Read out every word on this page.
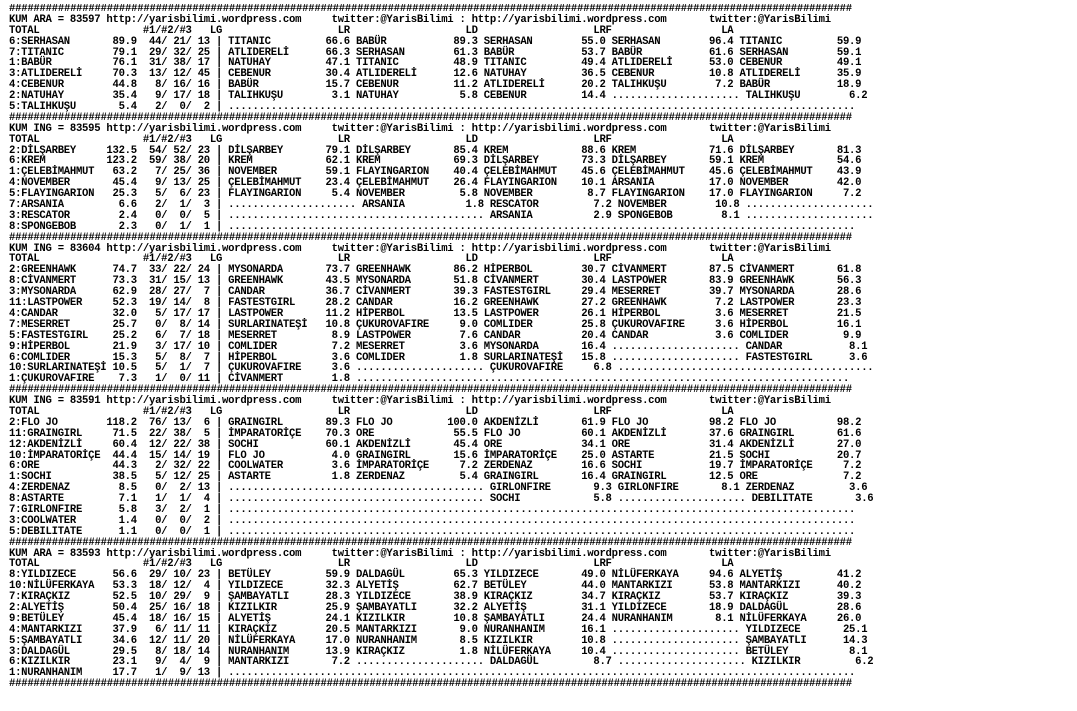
##########################################################################################################################################
KUM ARA = 83597 http://yarisbilimi.wordpress.com     twitter:@YarisBilimi : http://yarisbilimi.wordpress.com       twitter:@YarisBilimi
TOTAL                 #1/#2/#3   LG                   LR                   LD                   LRF                  LA
6:SERHASAN       89.9  44/ 21/ 13 | TITANIC         66.6 BABÜR           89.3 SERHASAN        55.0 SERHASAN        96.4 TITANIC         59.9
7:TITANIC        79.1  29/ 32/ 25 | ATLIDERELİ      66.3 SERHASAN        61.3 BABÜR           53.7 BABÜR           61.6 SERHASAN        59.1
1:BABÜR          76.1  31/ 38/ 17 | NATUHAY         47.1 TITANIC         48.9 TITANIC         49.4 ATLIDERELİ      53.0 CEBENUR         49.1
3:ATLIDERELİ     70.3  13/ 12/ 45 | CEBENUR         30.4 ATLIDERELİ      12.6 NATUHAY         36.5 CEBENUR         10.8 ATLIDERELİ      35.9
4:CEBENUR        44.8   8/ 16/ 16 | BABÜR           15.7 CEBENUR         11.2 ATLIDERELİ      20.2 TALIHKUŞU        7.2 BABÜR           18.9
2:NATUHAY        35.4   9/ 17/ 18 | TALIHKUŞU        3.1 NATUHAY          5.8 CEBENUR         14.4 ..................... TALIHKUŞU        6.2
5:TALIHKUŞU       5.4   2/  0/  2 | .......................................................................................................
##########################################################################################################################################
KUM ING = 83595 http://yarisbilimi.wordpress.com     twitter:@YarisBilimi : http://yarisbilimi.wordpress.com       twitter:@YarisBilimi
TOTAL                 #1/#2/#3   LG                   LR                   LD                   LRF                  LA
2:DİLŞARBEY     132.5  54/ 52/ 23 | DİLŞARBEY       79.1 DİLŞARBEY       85.4 KREM            88.6 KREM            71.6 DİLŞARBEY       81.3
6:KREM          123.2  59/ 38/ 20 | KREM            62.1 KREM            69.3 DİLŞARBEY       73.3 DİLŞARBEY       59.1 KREM            54.6
1:ÇELEBİMAHMUT   63.2   7/ 25/ 36 | NOVEMBER        59.1 FLAYINGARION    40.4 ÇELEBİMAHMUT    45.6 ÇELEBİMAHMUT    45.6 ÇELEBİMAHMUT    43.9
4:NOVEMBER       45.4   9/ 13/ 25 | ÇELEBİMAHMUT    23.4 ÇELEBİMAHMUT    26.4 FLAYINGARION    10.1 ARSANIA         17.0 NOVEMBER        42.0
5:FLAYINGARION   25.3   5/  6/ 23 | FLAYINGARION     5.4 NOVEMBER         5.8 NOVEMBER         8.7 FLAYINGARION    17.0 FLAYINGARION     7.2
7:ARSANIA         6.6   2/  1/  3 | ..................... ARSANIA          1.8 RESCATOR         7.2 NOVEMBER        10.8 .....................
3:RESCATOR        2.4   0/  0/  5 | .......................................... ARSANIA          2.9 SPONGEBOB        8.1 .....................
8:SPONGEBOB       2.3   0/  1/  1 | .......................................................................................................
##########################################################################################################################################
KUM ING = 83604 http://yarisbilimi.wordpress.com     twitter:@YarisBilimi : http://yarisbilimi.wordpress.com       twitter:@YarisBilimi
TOTAL                 #1/#2/#3   LG                   LR                   LD                   LRF                  LA
2:GREENHAWK      74.7  33/ 22/ 24 | MYSONARDA       73.7 GREENHAWK       86.2 HİPERBOL        30.7 CİVANMERT       87.5 CİVANMERT       61.8
8:CİVANMERT      73.3  31/ 15/ 13 | GREENHAWK       43.5 MYSONARDA       51.8 CİVANMERT       30.4 LASTPOWER       83.9 GREENHAWK       56.3
3:MYSONARDA      62.9  28/ 27/  7 | CANDAR          36.7 CİVANMERT       39.3 FASTESTGIRL     29.4 MESERRET        39.7 MYSONARDA       28.6
11:LASTPOWER     52.3  19/ 14/  8 | FASTESTGIRL     28.2 CANDAR          16.2 GREENHAWK       27.2 GREENHAWK        7.2 LASTPOWER       23.3
4:CANDAR         32.0   5/ 17/ 17 | LASTPOWER       11.2 HİPERBOL        13.5 LASTPOWER       26.1 HİPERBOL         3.6 MESERRET        21.5
7:MESERRET       25.7   0/  8/ 14 | SURLARINATEŞİ   10.8 ÇUKUROVAFIRE     9.0 COMLIDER        25.8 ÇUKUROVAFIRE     3.6 HİPERBOL        16.1
5:FASTESTGIRL    25.2   6/  7/ 18 | MESERRET         8.9 LASTPOWER        7.6 CANDAR          20.4 CANDAR           3.6 COMLIDER         9.9
9:HİPERBOL       21.9   3/ 17/ 10 | COMLIDER         7.2 MESERRET         3.6 MYSONARDA       16.4 ..................... CANDAR           8.1
6:COMLIDER       15.3   5/  8/  7 | HİPERBOL         3.6 COMLIDER         1.8 SURLARINATEŞİ   15.8 ..................... FASTESTGIRL      3.6
10:SURLARINATEŞİ 10.5   5/  1/  7 | ÇUKUROVAFIRE     3.6 ..................... ÇUKUROVAFIRE     6.8 ..........................................
1:ÇUKUROVAFIRE    7.3   1/  0/ 11 | CİVANMERT        1.8 .................................................................................
##########################################################################################################################################
KUM ING = 83591 http://yarisbilimi.wordpress.com     twitter:@YarisBilimi : http://yarisbilimi.wordpress.com       twitter:@YarisBilimi
TOTAL                 #1/#2/#3   LG                   LR                   LD                   LRF                  LA
2:FLO JO        118.2  76/ 13/  6 | GRAINGIRL       89.3 FLO JO         100.0 AKDENİZLİ       61.9 FLO JO          98.2 FLO JO          98.2
11:GRAINGIRL     71.5  22/ 38/  5 | İMPARATORİÇE    70.3 ORE             55.5 FLO JO          60.1 AKDENİZLİ       37.6 GRAINGIRL       61.6
12:AKDENİZLİ     60.4  12/ 22/ 38 | SOCHI           60.1 AKDENİZLİ       45.4 ORE             34.1 ORE             31.4 AKDENİZLİ       27.0
10:İMPARATORİÇE  44.4  15/ 14/ 19 | FLO JO           4.0 GRAINGIRL       15.6 İMPARATORİÇE    25.0 ASTARTE         21.5 SOCHI           20.7
6:ORE            44.3   2/ 32/ 22 | COOLWATER        3.6 İMPARATORİÇE     7.2 ZERDENAZ        16.6 SOCHI           19.7 İMPARATORİÇE     7.2
1:SOCHI          38.5   5/ 12/ 25 | ASTARTE          1.8 ZERDENAZ         5.4 GRAINGIRL       16.4 GRAINGIRL       12.5 ORE              7.2
4:ZERDENAZ        8.5   0/  2/ 13 | .......................................... GIRLONFIRE       9.3 GIRLONFIRE       8.1 ZERDENAZ         3.6
8:ASTARTE         7.1   1/  1/  4 | .......................................... SOCHI            5.8 ..................... DEBILITATE       3.6
7:GIRLONFIRE      5.8   3/  2/  1 | .......................................................................................................
3:COOLWATER       1.4   0/  0/  2 | .......................................................................................................
5:DEBILITATE      1.1   0/  0/  1 | .......................................................................................................
##########################################################################################################################################
KUM ARA = 83593 http://yarisbilimi.wordpress.com     twitter:@YarisBilimi : http://yarisbilimi.wordpress.com       twitter:@YarisBilimi
TOTAL                 #1/#2/#3   LG                   LR                   LD                   LRF                  LA
8:YILDIZECE      56.6  29/ 10/ 23 | BETÜLEY         59.9 DALDAGÜL        65.3 YILDIZECE       49.0 NİLÜFERKAYA     94.6 ALYETİŞ         41.2
10:NİLÜFERKAYA   53.3  18/ 12/  4 | YILDIZECE       32.3 ALYETİŞ         62.7 BETÜLEY         44.0 MANTARKIZI      53.8 MANTARKIZI      40.2
7:KIRAÇKIZ       52.5  10/ 29/  9 | ŞAMBAYATLI      28.3 YILDIZECE       38.9 KIRAÇKIZ        34.7 KIRAÇKIZ        53.7 KIRAÇKIZ        39.3
2:ALYETİŞ        50.4  25/ 16/ 18 | KIZILKIR        25.9 ŞAMBAYATLI      32.2 ALYETİŞ         31.1 YILDIZECE       18.9 DALDAGÜL        28.6
9:BETÜLEY        45.4  18/ 16/ 15 | ALYETİŞ         24.1 KIZILKIR        10.8 ŞAMBAYATLI      24.4 NURANHANIM       8.1 NİLÜFERKAYA     26.0
4:MANTARKIZI     37.9   6/ 11/ 11 | KIRAÇKIZ        20.5 MANTARKIZI       9.0 NURANHANIM      16.1 ..................... YILDIZECE       25.1
5:ŞAMBAYATLI     34.6  12/ 11/ 20 | NİLÜFERKAYA     17.0 NURANHANIM       8.5 KIZILKIR        10.8 ..................... ŞAMBAYATLI      14.3
3:DALDAGÜL       29.5   8/ 18/ 14 | NURANHANIM      13.9 KIRAÇKIZ         1.8 NİLÜFERKAYA     10.4 ..................... BETÜLEY          8.1
6:KIZILKIR       23.1   9/  4/  9 | MANTARKIZI       7.2 ..................... DALDAGÜL         8.7 ..................... KIZILKIR         6.2
1:NURANHANIM     17.7   1/  9/ 13 | .......................................................................................................
##########################################################################################################################################
